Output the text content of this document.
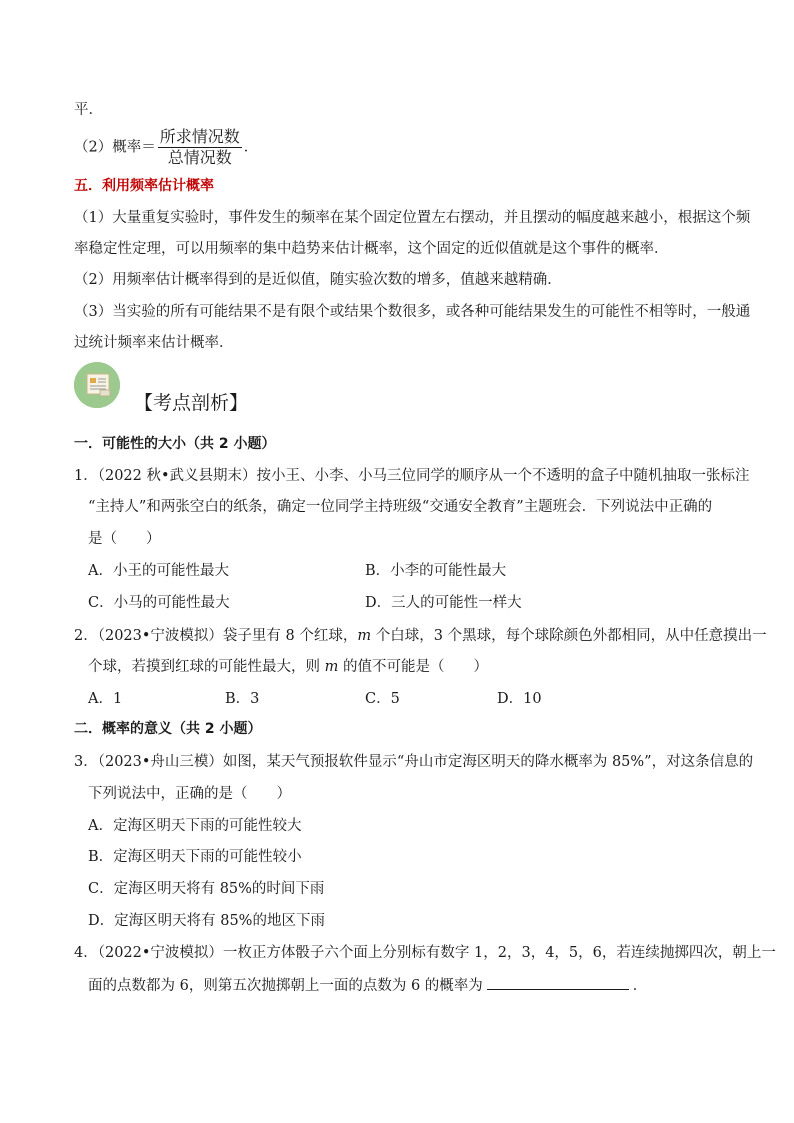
平．
（2）概率＝ $\frac{\text{所求情况数}}{\text{总情况数}}$ ．
五．利用频率估计概率
（1）大量重复实验时，事件发生的频率在某个固定位置左右摆动，并且摆动的幅度越来越小，根据这个频
率稳定性定理，可以用频率的集中趋势来估计概率，这个固定的近似值就是这个事件的概率．
（2）用频率估计概率得到的是近似值，随实验次数的增多，值越来越精确．
（3）当实验的所有可能结果不是有限个或结果个数很多，或各种可能结果发生的可能性不相等时，一般通
过统计频率来估计概率．
【考点剖析】
一．可能性的大小（共 2 小题）
1．（2022 秋•武义县期末）按小王、小李、小马三位同学的顺序从一个不透明的盒子中随机抽取一张标注
“主持人”和两张空白的纸条，确定一位同学主持班级“交通安全教育”主题班会．下列说法中正确的
是（　　）
A．小王的可能性最大	B．小李的可能性最大
C．小马的可能性最大	D．三人的可能性一样大
2．（2023•宁波模拟）袋子里有 8 个红球，m 个白球，3 个黑球，每个球除颜色外都相同，从中任意摸出一
个球，若摸到红球的可能性最大，则 m 的值不可能是（　　）
A．1	B．3	C．5	D．10
二．概率的意义（共 2 小题）
3．（2023•舟山三模）如图，某天气预报软件显示“舟山市定海区明天的降水概率为 85%”，对这条信息的
下列说法中，正确的是（　　）
A．定海区明天下雨的可能性较大
B．定海区明天下雨的可能性较小
C．定海区明天将有 85%的时间下雨
D．定海区明天将有 85%的地区下雨
4．（2022•宁波模拟）一枚正方体骰子六个面上分别标有数字 1，2，3，4，5，6，若连续抛掷四次，朝上一
面的点数都为 6，则第五次抛掷朝上一面的点数为 6 的概率为	．
